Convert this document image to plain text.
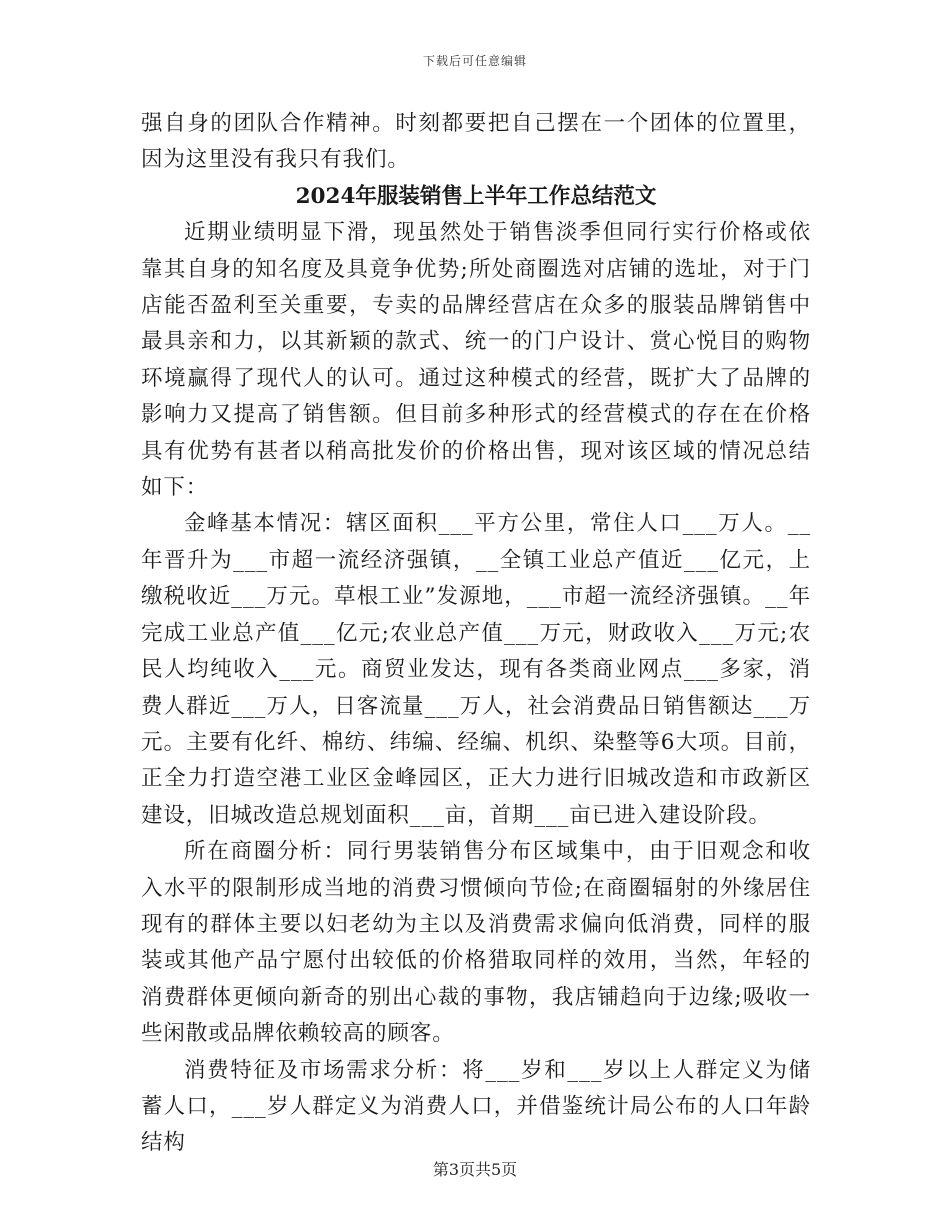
下载后可任意编辑

强自身的团队合作精神。时刻都要把自己摆在一个团体的位置里，因为这里没有我只有我们。

2024年服装销售上半年工作总结范文

近期业绩明显下滑，现虽然处于销售淡季但同行实行价格或依靠其自身的知名度及具竟争优势;所处商圈选对店铺的选址，对于门店能否盈利至关重要，专卖的品牌经营店在众多的服装品牌销售中最具亲和力，以其新颖的款式、统一的门户设计、赏心悦目的购物环境赢得了现代人的认可。通过这种模式的经营，既扩大了品牌的影响力又提高了销售额。但目前多种形式的经营模式的存在在价格具有优势有甚者以稍高批发价的价格出售，现对该区域的情况总结如下：

金峰基本情况：辖区面积___平方公里，常住人口___万人。__年晋升为___市超一流经济强镇，__全镇工业总产值近___亿元，上缴税收近___万元。草根工业”发源地，___市超一流经济强镇。__年完成工业总产值___亿元;农业总产值___万元，财政收入___万元;农民人均纯收入___元。商贸业发达，现有各类商业网点___多家，消费人群近___万人，日客流量___万人，社会消费品日销售额达___万元。主要有化纤、棉纺、纬编、经编、机织、染整等6大项。目前，正全力打造空港工业区金峰园区，正大力进行旧城改造和市政新区建设，旧城改造总规划面积___亩，首期___亩已进入建设阶段。

所在商圈分析：同行男装销售分布区域集中，由于旧观念和收入水平的限制形成当地的消费习惯倾向节俭;在商圈辐射的外缘居住现有的群体主要以妇老幼为主以及消费需求偏向低消费，同样的服装或其他产品宁愿付出较低的价格猎取同样的效用，当然，年轻的消费群体更倾向新奇的别出心裁的事物，我店铺趋向于边缘;吸收一些闲散或品牌依赖较高的顾客。

消费特征及市场需求分析：将___岁和___岁以上人群定义为储蓄人口，___岁人群定义为消费人口，并借鉴统计局公布的人口年龄结构

第3页共5页
